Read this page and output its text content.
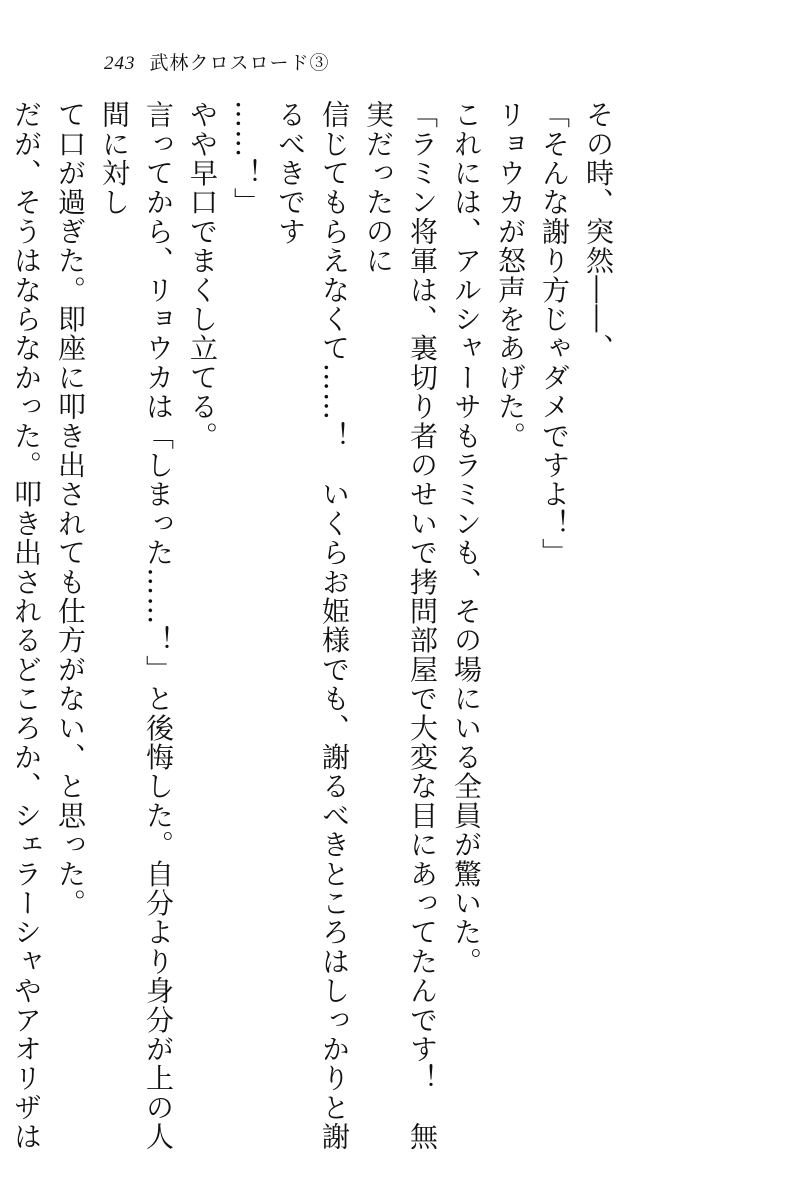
243 武林クロスロード③

その時、突然――、

「そんな謝り方じゃダメですよ！」

リョウカが怒声をあげた。

これには、アルシャーサもラミンも、その場にいる全員が驚いた。

「ラミン将軍は、裏切り者のせいで拷問部屋で大変な目にあってたんです！　無実だったのに

信じてもらえなくて……！　いくらお姫様でも、謝るべきところはしっかりと謝るべきです

……！」

やや早口でまくし立てる。

言ってから、リョウカは「しまった……！」と後悔した。自分より身分が上の人間に対し

て口が過ぎた。即座に叩き出されても仕方がない、と思った。

だが、そうはならなかった。叩き出されるどころか、シェラーシャやアオリザは
